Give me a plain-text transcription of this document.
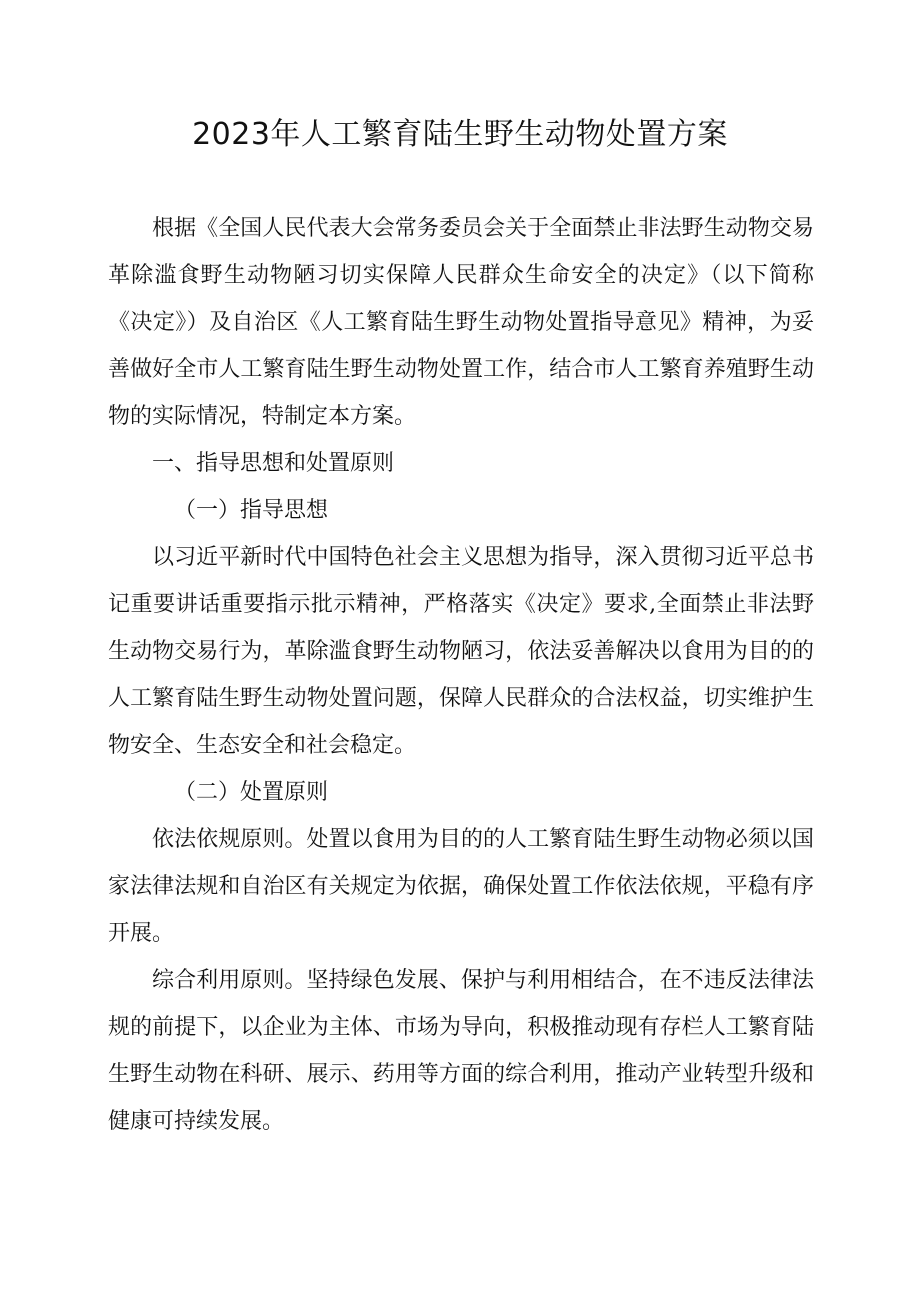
2023年人工繁育陆生野生动物处置方案

根据《全国人民代表大会常务委员会关于全面禁止非法野生动物交易革除滥食野生动物陋习切实保障人民群众生命安全的决定》（以下简称《决定》）及自治区《人工繁育陆生野生动物处置指导意见》精神，为妥善做好全市人工繁育陆生野生动物处置工作，结合市人工繁育养殖野生动物的实际情况，特制定本方案。

一、指导思想和处置原则

（一）指导思想

以习近平新时代中国特色社会主义思想为指导，深入贯彻习近平总书记重要讲话重要指示批示精神，严格落实《决定》要求,全面禁止非法野生动物交易行为，革除滥食野生动物陋习，依法妥善解决以食用为目的的人工繁育陆生野生动物处置问题，保障人民群众的合法权益，切实维护生物安全、生态安全和社会稳定。

（二）处置原则

依法依规原则。处置以食用为目的的人工繁育陆生野生动物必须以国家法律法规和自治区有关规定为依据，确保处置工作依法依规，平稳有序开展。

综合利用原则。坚持绿色发展、保护与利用相结合，在不违反法律法规的前提下，以企业为主体、市场为导向，积极推动现有存栏人工繁育陆生野生动物在科研、展示、药用等方面的综合利用，推动产业转型升级和健康可持续发展。
